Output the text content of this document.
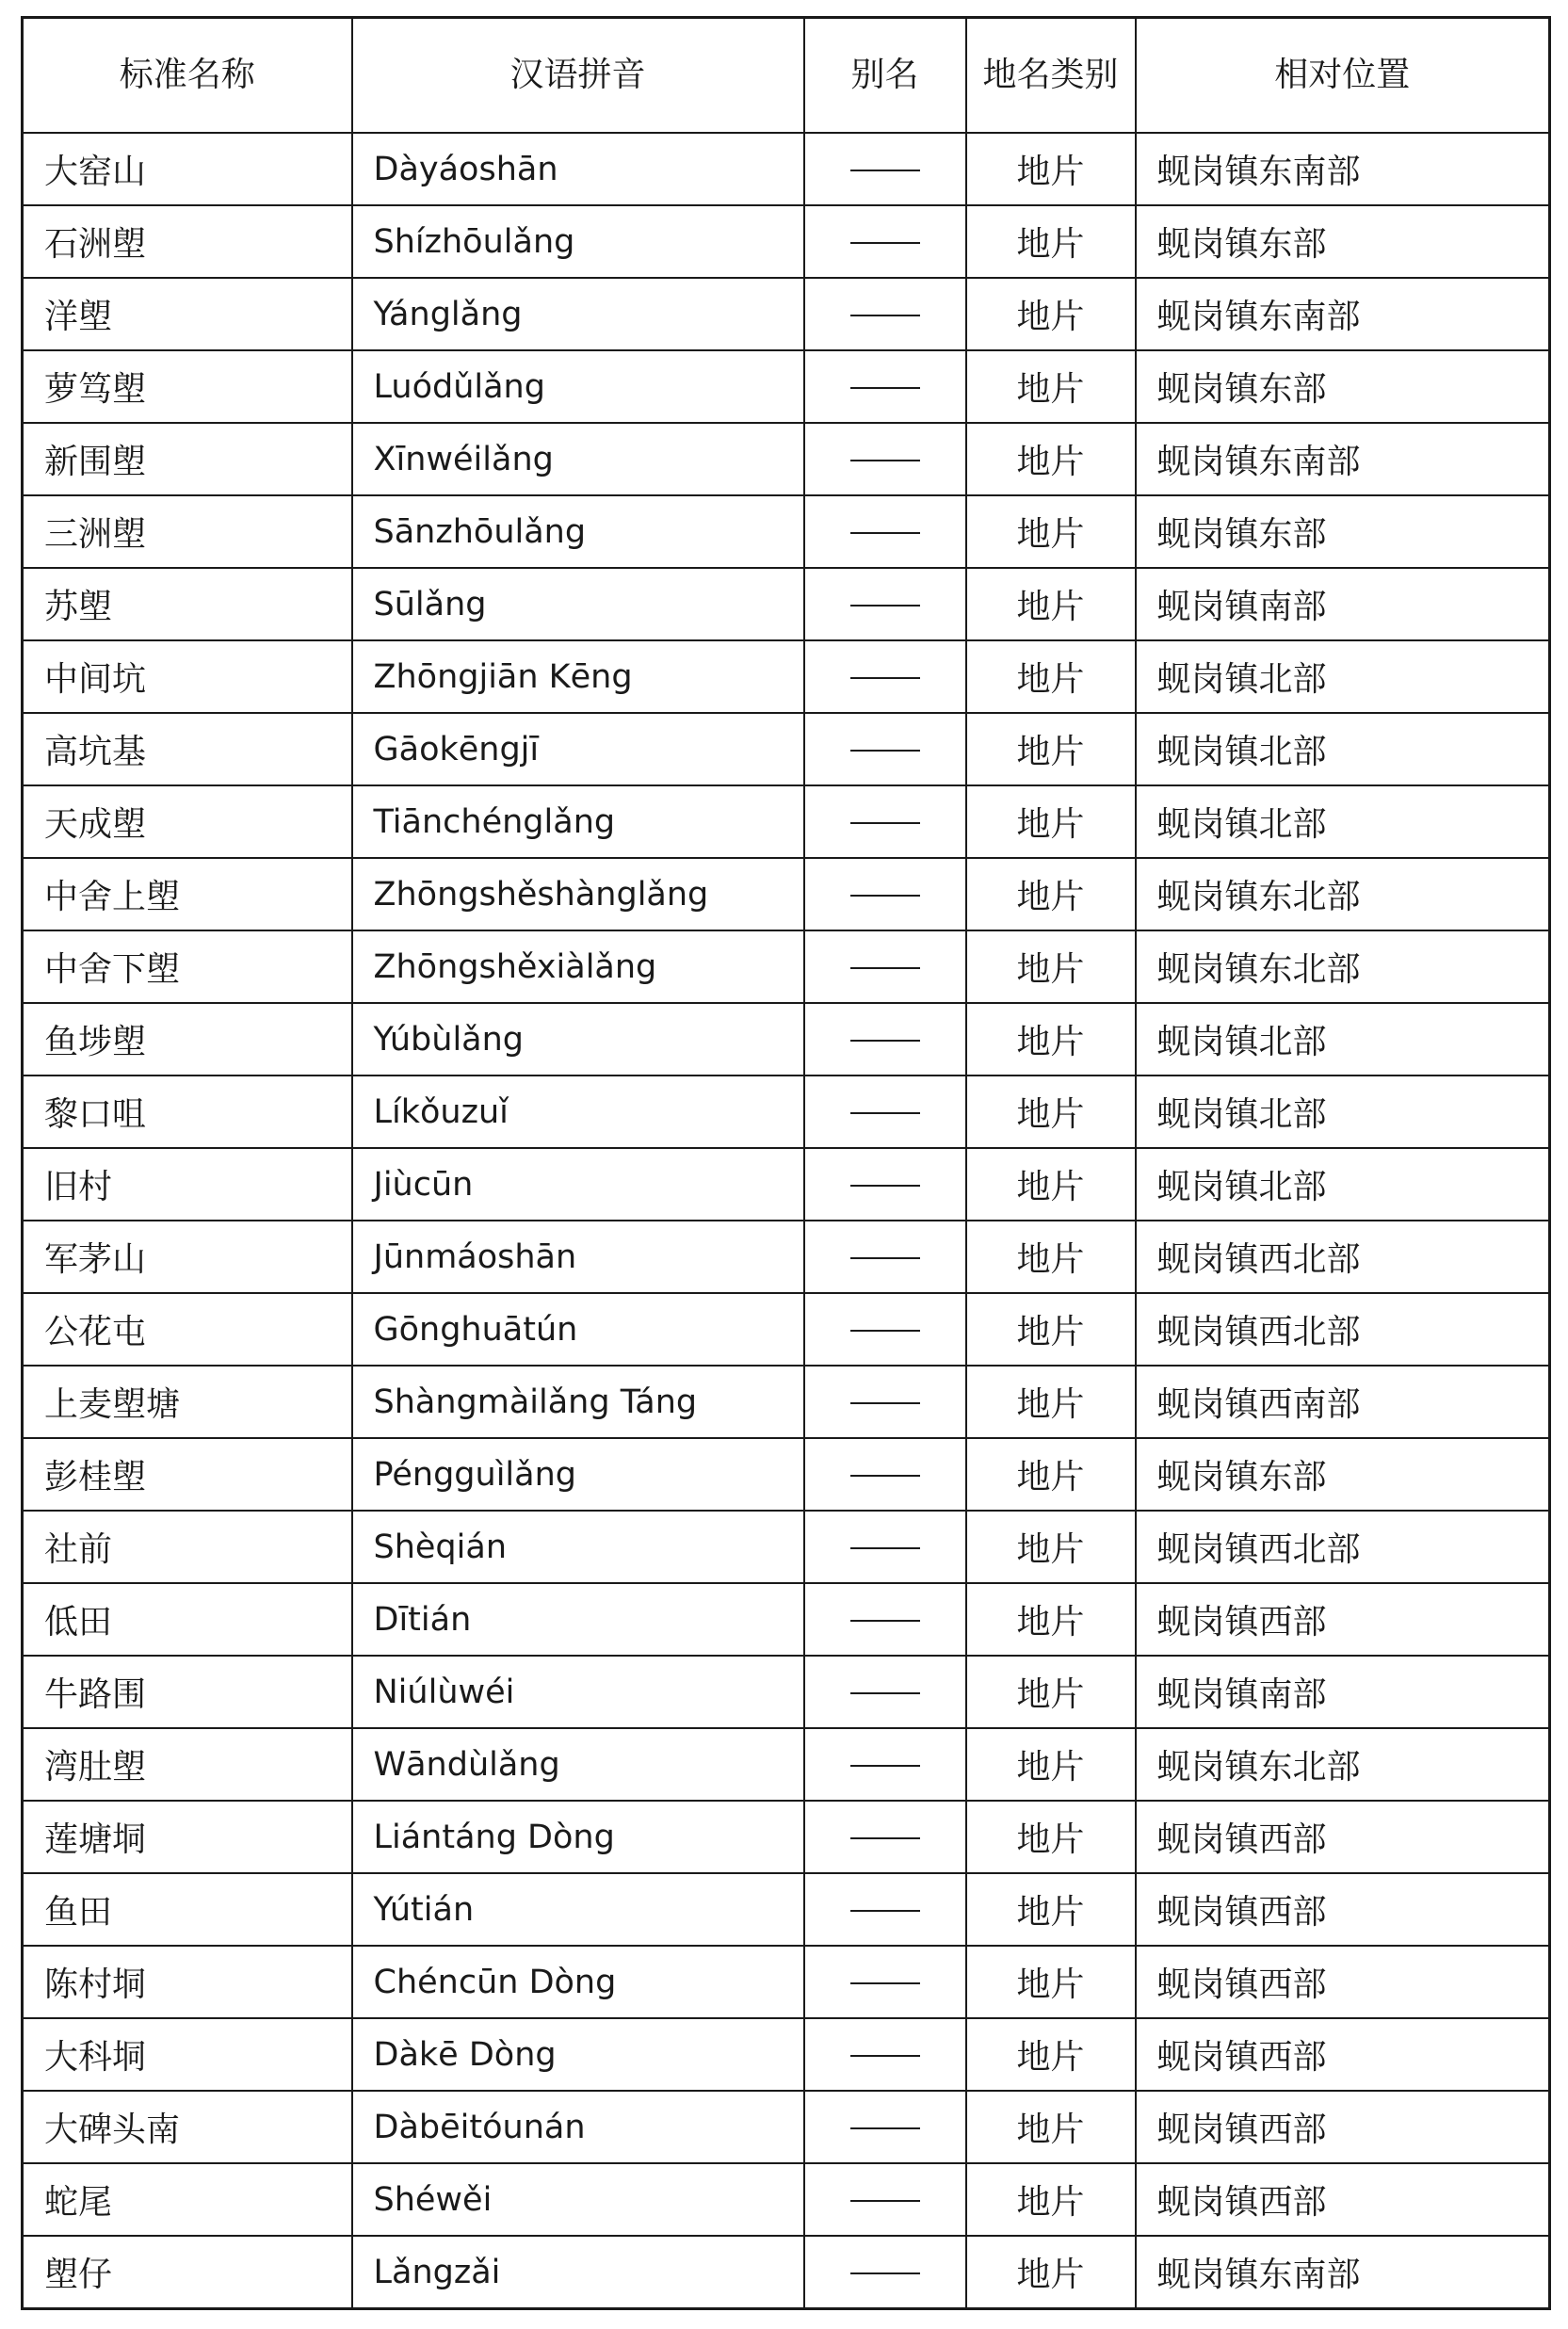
标准名称	汉语拼音	别名	地名类别	相对位置
大窑山	Dàyáoshān		地片	蚬岗镇东南部
石洲塱	Shízhōulǎng		地片	蚬岗镇东部
洋塱	Yánglǎng		地片	蚬岗镇东南部
萝笃塱	Luódǔlǎng		地片	蚬岗镇东部
新围塱	Xīnwéilǎng		地片	蚬岗镇东南部
三洲塱	Sānzhōulǎng		地片	蚬岗镇东部
苏塱	Sūlǎng		地片	蚬岗镇南部
中间坑	Zhōngjiān Kēng		地片	蚬岗镇北部
高坑基	Gāokēngjī		地片	蚬岗镇北部
天成塱	Tiānchénglǎng		地片	蚬岗镇北部
中舍上塱	Zhōngshěshànglǎng		地片	蚬岗镇东北部
中舍下塱	Zhōngshěxiàlǎng		地片	蚬岗镇东北部
鱼埗塱	Yúbùlǎng		地片	蚬岗镇北部
黎口咀	Líkǒuzuǐ		地片	蚬岗镇北部
旧村	Jiùcūn		地片	蚬岗镇北部
军茅山	Jūnmáoshān		地片	蚬岗镇西北部
公花屯	Gōnghuātún		地片	蚬岗镇西北部
上麦塱塘	Shàngmàilǎng Táng		地片	蚬岗镇西南部
彭桂塱	Péngguìlǎng		地片	蚬岗镇东部
社前	Shèqián		地片	蚬岗镇西北部
低田	Dītián		地片	蚬岗镇西部
牛路围	Niúlùwéi		地片	蚬岗镇南部
湾肚塱	Wāndùlǎng		地片	蚬岗镇东北部
莲塘垌	Liántáng Dòng		地片	蚬岗镇西部
鱼田	Yútián		地片	蚬岗镇西部
陈村垌	Chéncūn Dòng		地片	蚬岗镇西部
大科垌	Dàkē Dòng		地片	蚬岗镇西部
大碑头南	Dàbēitóunán		地片	蚬岗镇西部
蛇尾	Shéwěi		地片	蚬岗镇西部
塱仔	Lǎngzǎi		地片	蚬岗镇东南部
